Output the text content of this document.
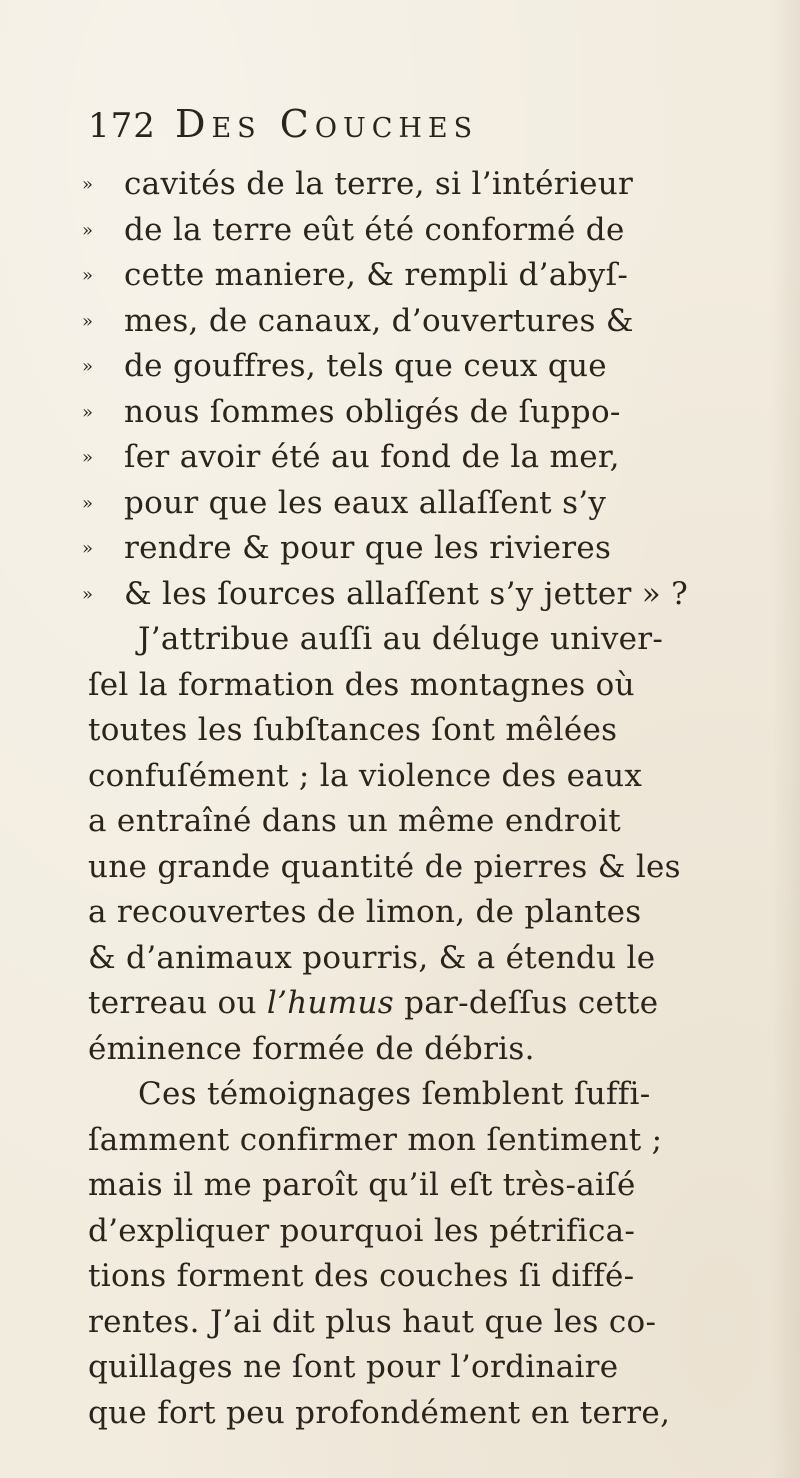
172 Des Couches
» cavités de la terre, si l’intérieur
» de la terre eût été conformé de
» cette maniere, & rempli d’abyſ-
» mes, de canaux, d’ouvertures &
» de gouffres, tels que ceux que
» nous ſommes obligés de ſuppo-
» ſer avoir été au fond de la mer,
» pour que les eaux allaſſent s’y
» rendre & pour que les rivieres
» & les ſources allaſſent s’y jetter » ?
J’attribue auſſi au déluge univer-
ſel la formation des montagnes où
toutes les ſubſtances ſont mêlées
confuſément ; la violence des eaux
a entraîné dans un même endroit
une grande quantité de pierres & les
a recouvertes de limon, de plantes
& d’animaux pourris, & a étendu le
terreau ou l’humus par-deſſus cette
éminence formée de débris.
Ces témoignages ſemblent ſuffi-
ſamment confirmer mon ſentiment ;
mais il me paroît qu’il eſt très-aiſé
d’expliquer pourquoi les pétrifica-
tions forment des couches ſi diffé-
rentes. J’ai dit plus haut que les co-
quillages ne ſont pour l’ordinaire
que fort peu profondément en terre,
